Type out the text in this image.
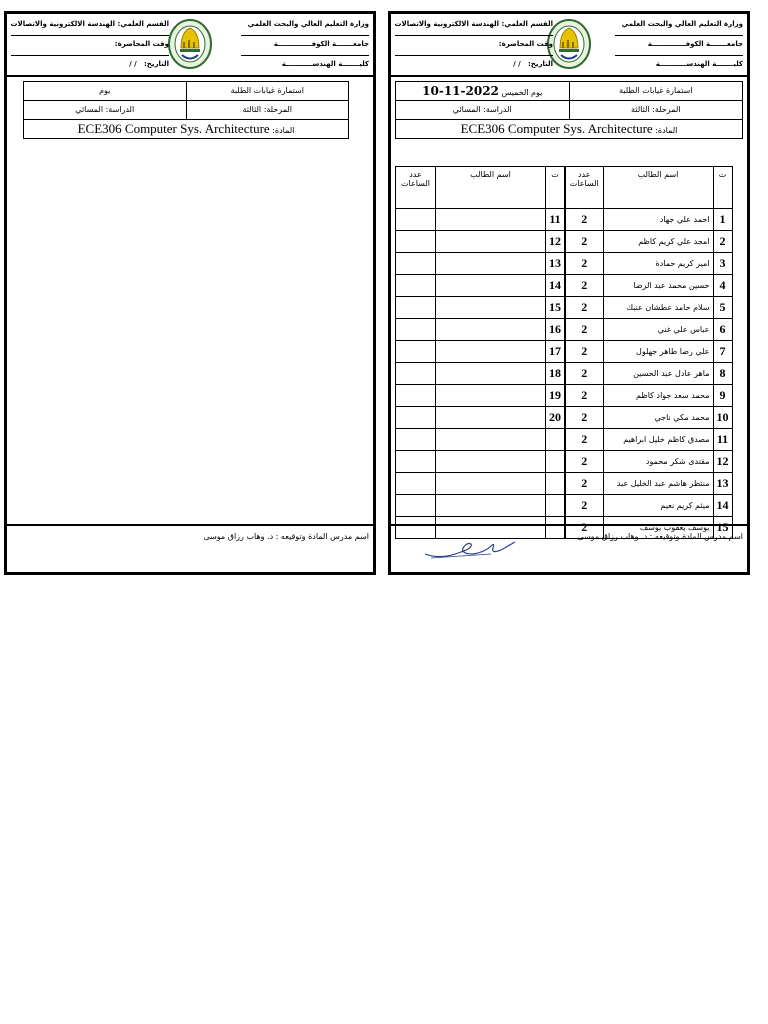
وزارة التعليم العالي والبحث العلمي
جامعـــــــة الكوفــــــــــــــة
كليـــــــة الهندســـــــــــة
القسم العلمي: الهندسة الالكترونية والاتصالات
وقت المحاضرة:
التاريخ:   / /
استمارة غيابات الطلبة
يوم
المرحلة: الثالثة
الدراسة: المسائي
المادة: ECE306 Computer Sys. Architecture
اسم مدرس المادة وتوقيعه : د. وهاب رزاق موسى
وزارة التعليم العالي والبحث العلمي
جامعـــــــة الكوفــــــــــــــة
كليـــــــة الهندســـــــــــة
القسم العلمي: الهندسة الالكترونية والاتصالات
وقت المحاضرة:
التاريخ:   / /
استمارة غيابات الطلبة
يوم الخميس 2022-11-10
المرحلة: الثالثة
الدراسة: المسائي
المادة: ECE306 Computer Sys. Architecture
ت	اسم الطالب	عدد الساعات	ت	اسم الطالب	عدد الساعات
1	احمد علي جهاد	2	11		
2	امجد علي كريم كاظم	2	12		
3	امير كريم حمادة	2	13		
4	حسين محمد عبد الرضا	2	14		
5	سلام حامد عطشان عنبك	2	15		
6	عباس علي غني	2	16		
7	علي رضا طاهر جهلول	2	17		
8	ماهر عادل عبد الحسين	2	18		
9	محمد سعد جواد كاظم	2	19		
10	محمد مكي ناجي	2	20		
11	مصدق كاظم خليل ابراهيم	2			
12	مقتدى شكر محمود	2			
13	منتظر هاشم عبد الخليل عبد	2			
14	ميثم كريم نعيم	2			
15	يوسف يعقوب يوسف	2			
اسم مدرس المادة وتوقيعه : د. وهاب رزاق موسى
